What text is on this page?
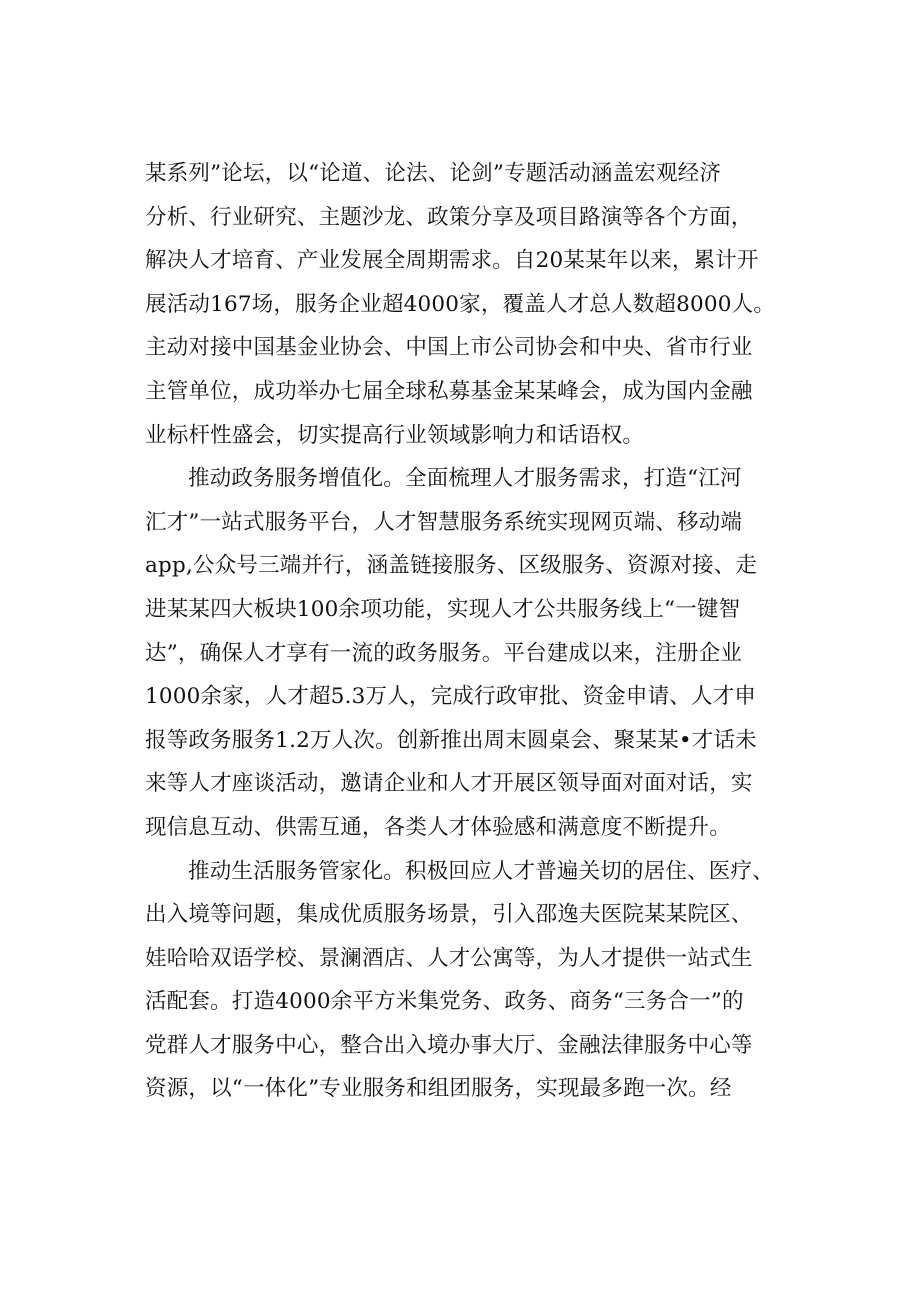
某系列”论坛，以“论道、论法、论剑”专题活动涵盖宏观经济
分析、行业研究、主题沙龙、政策分享及项目路演等各个方面，
解决人才培育、产业发展全周期需求。自20某某年以来，累计开
展活动167场，服务企业超4000家，覆盖人才总人数超8000人。
主动对接中国基金业协会、中国上市公司协会和中央、省市行业
主管单位，成功举办七届全球私募基金某某峰会，成为国内金融
业标杆性盛会，切实提高行业领域影响力和话语权。
推动政务服务增值化。全面梳理人才服务需求，打造“江河
汇才”一站式服务平台，人才智慧服务系统实现网页端、移动端
app,公众号三端并行，涵盖链接服务、区级服务、资源对接、走
进某某四大板块100余项功能，实现人才公共服务线上“一键智
达”，确保人才享有一流的政务服务。平台建成以来，注册企业
1000余家，人才超5.3万人，完成行政审批、资金申请、人才申
报等政务服务1.2万人次。创新推出周末圆桌会、聚某某•才话未
来等人才座谈活动，邀请企业和人才开展区领导面对面对话，实
现信息互动、供需互通，各类人才体验感和满意度不断提升。
推动生活服务管家化。积极回应人才普遍关切的居住、医疗、
出入境等问题，集成优质服务场景，引入邵逸夫医院某某院区、
娃哈哈双语学校、景澜酒店、人才公寓等，为人才提供一站式生
活配套。打造4000余平方米集党务、政务、商务“三务合一”的
党群人才服务中心，整合出入境办事大厅、金融法律服务中心等
资源，以“一体化”专业服务和组团服务，实现最多跑一次。经
